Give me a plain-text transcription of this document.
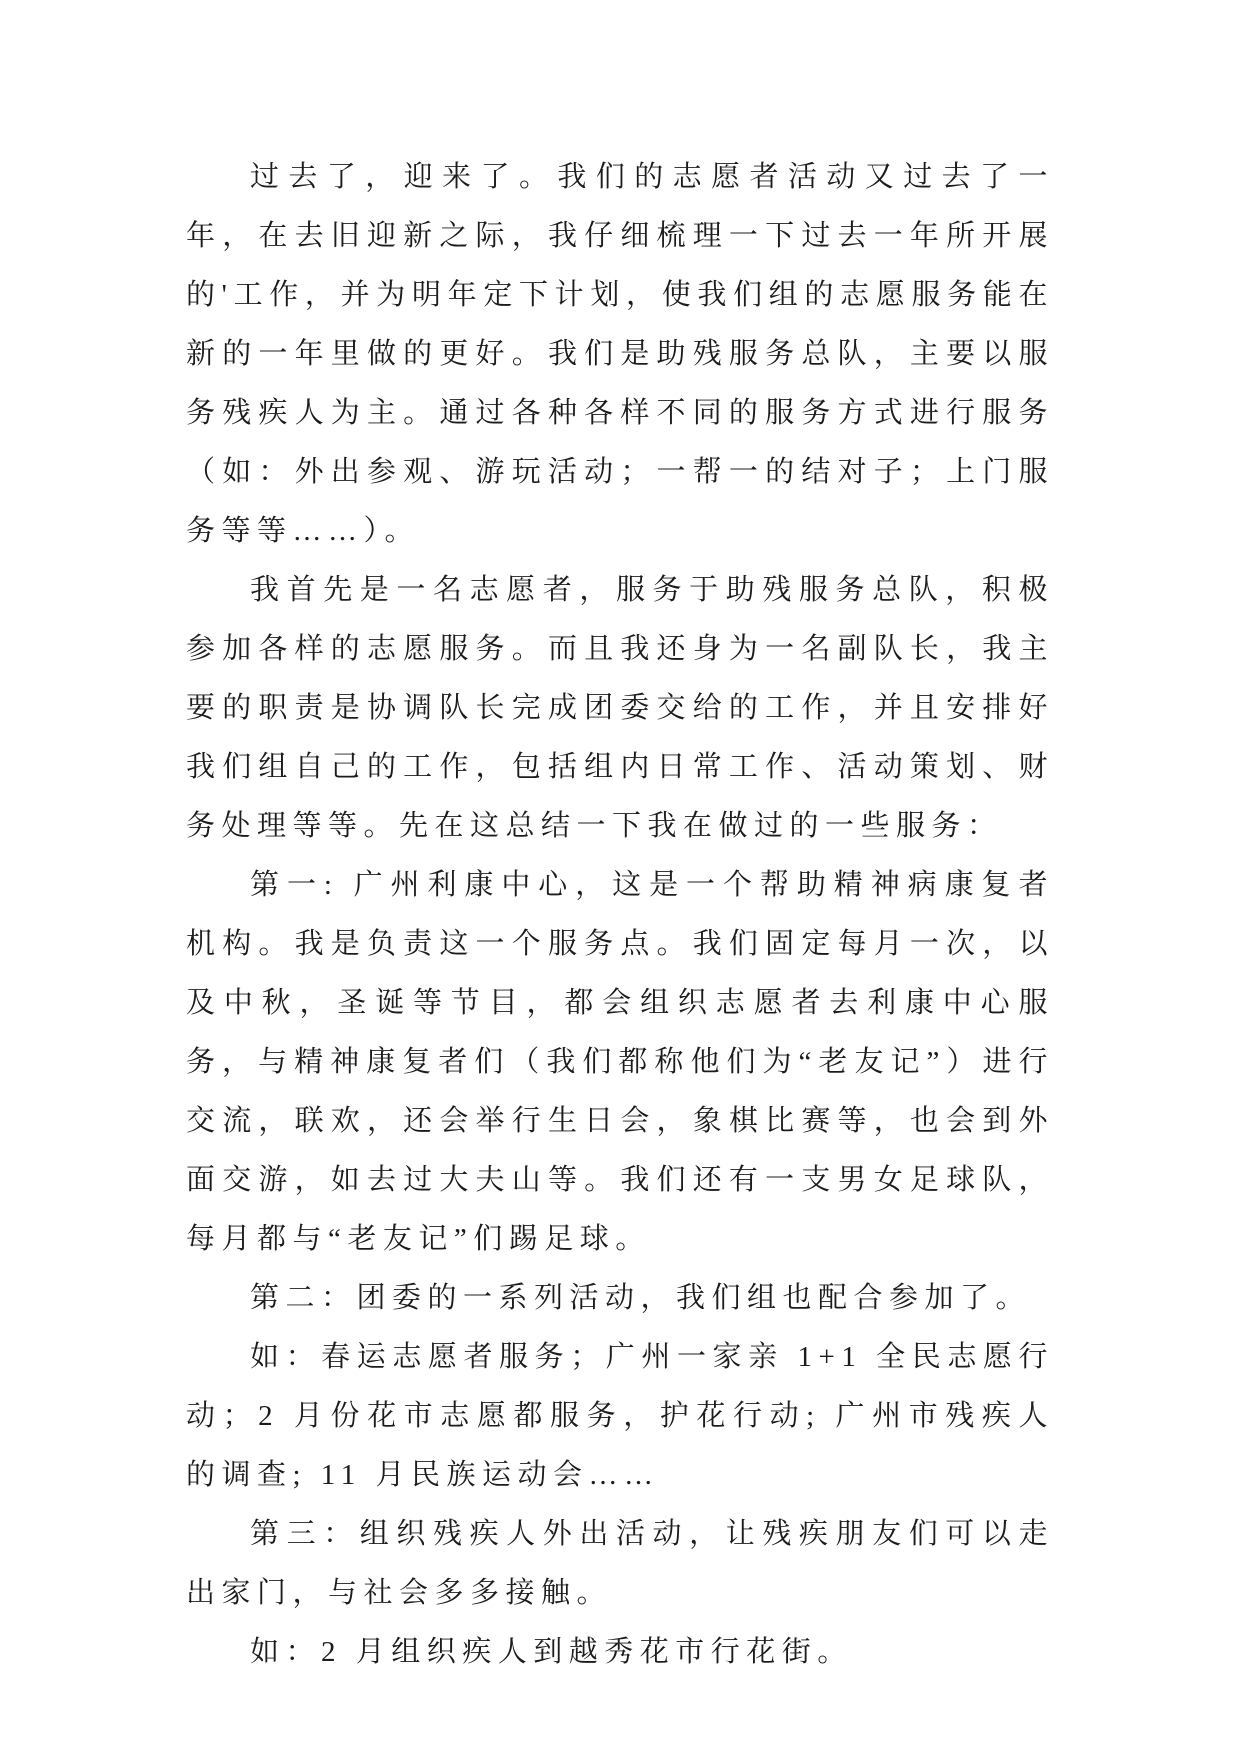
过去了，迎来了。我们的志愿者活动又过去了一年，在去旧迎新之际，我仔细梳理一下过去一年所开展的'工作，并为明年定下计划，使我们组的志愿服务能在新的一年里做的更好。我们是助残服务总队，主要以服务残疾人为主。通过各种各样不同的服务方式进行服务（如：外出参观、游玩活动；一帮一的结对子；上门服务等等……）。

我首先是一名志愿者，服务于助残服务总队，积极参加各样的志愿服务。而且我还身为一名副队长，我主要的职责是协调队长完成团委交给的工作，并且安排好我们组自己的工作，包括组内日常工作、活动策划、财务处理等等。先在这总结一下我在做过的一些服务：

第一: 广州利康中心，这是一个帮助精神病康复者机构。我是负责这一个服务点。我们固定每月一次，以及中秋，圣诞等节目，都会组织志愿者去利康中心服务，与精神康复者们（我们都称他们为“老友记”）进行交流，联欢，还会举行生日会，象棋比赛等，也会到外面交游，如去过大夫山等。我们还有一支男女足球队，每月都与“老友记”们踢足球。

第二：团委的一系列活动，我们组也配合参加了。

如：春运志愿者服务；广州一家亲 1+1 全民志愿行动；2 月份花市志愿都服务，护花行动; 广州市残疾人的调查; 11 月民族运动会……

第三：组织残疾人外出活动，让残疾朋友们可以走出家门，与社会多多接触。

如：2 月组织疾人到越秀花市行花街。
